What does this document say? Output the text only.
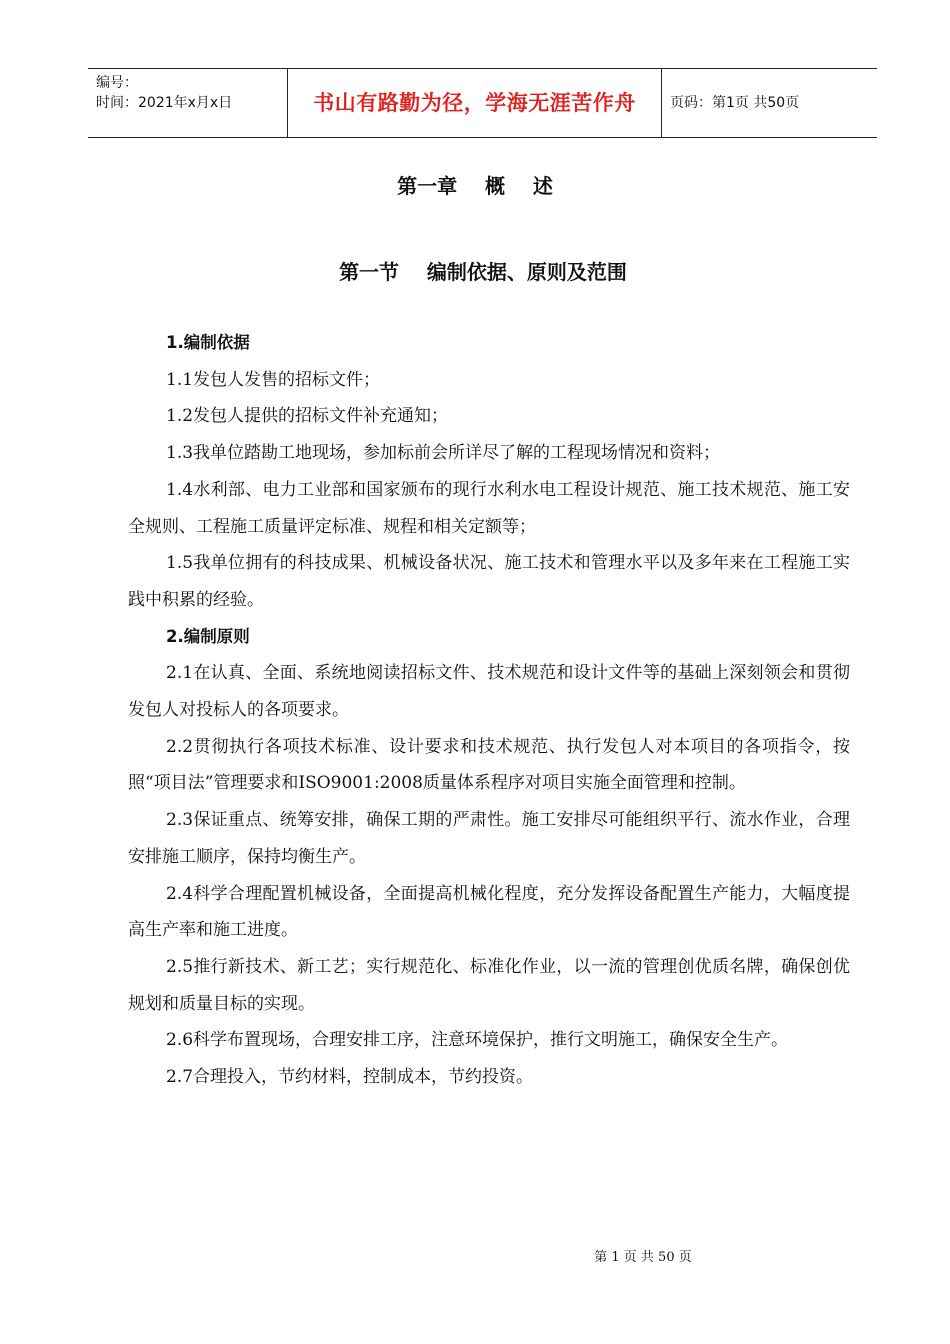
编号：
时间：2021年x月x日	书山有路勤为径，学海无涯苦作舟	页码：第1页 共50页
第一章    概    述
第一节    编制依据、原则及范围

1.编制依据

1.1发包人发售的招标文件；

1.2发包人提供的招标文件补充通知；

1.3我单位踏勘工地现场，参加标前会所详尽了解的工程现场情况和资料；

1.4水利部、电力工业部和国家颁布的现行水利水电工程设计规范、施工技术规范、施工安全规则、工程施工质量评定标准、规程和相关定额等；

1.5我单位拥有的科技成果、机械设备状况、施工技术和管理水平以及多年来在工程施工实践中积累的经验。

2.编制原则

2.1在认真、全面、系统地阅读招标文件、技术规范和设计文件等的基础上深刻领会和贯彻发包人对投标人的各项要求。

2.2贯彻执行各项技术标准、设计要求和技术规范、执行发包人对本项目的各项指令，按照“项目法”管理要求和ISO9001:2008质量体系程序对项目实施全面管理和控制。

2.3保证重点、统筹安排，确保工期的严肃性。施工安排尽可能组织平行、流水作业，合理安排施工顺序，保持均衡生产。

2.4科学合理配置机械设备，全面提高机械化程度，充分发挥设备配置生产能力，大幅度提高生产率和施工进度。

2.5推行新技术、新工艺；实行规范化、标准化作业，以一流的管理创优质名牌，确保创优规划和质量目标的实现。

2.6科学布置现场，合理安排工序，注意环境保护，推行文明施工，确保安全生产。

2.7合理投入，节约材料，控制成本，节约投资。

第 1 页 共 50 页
